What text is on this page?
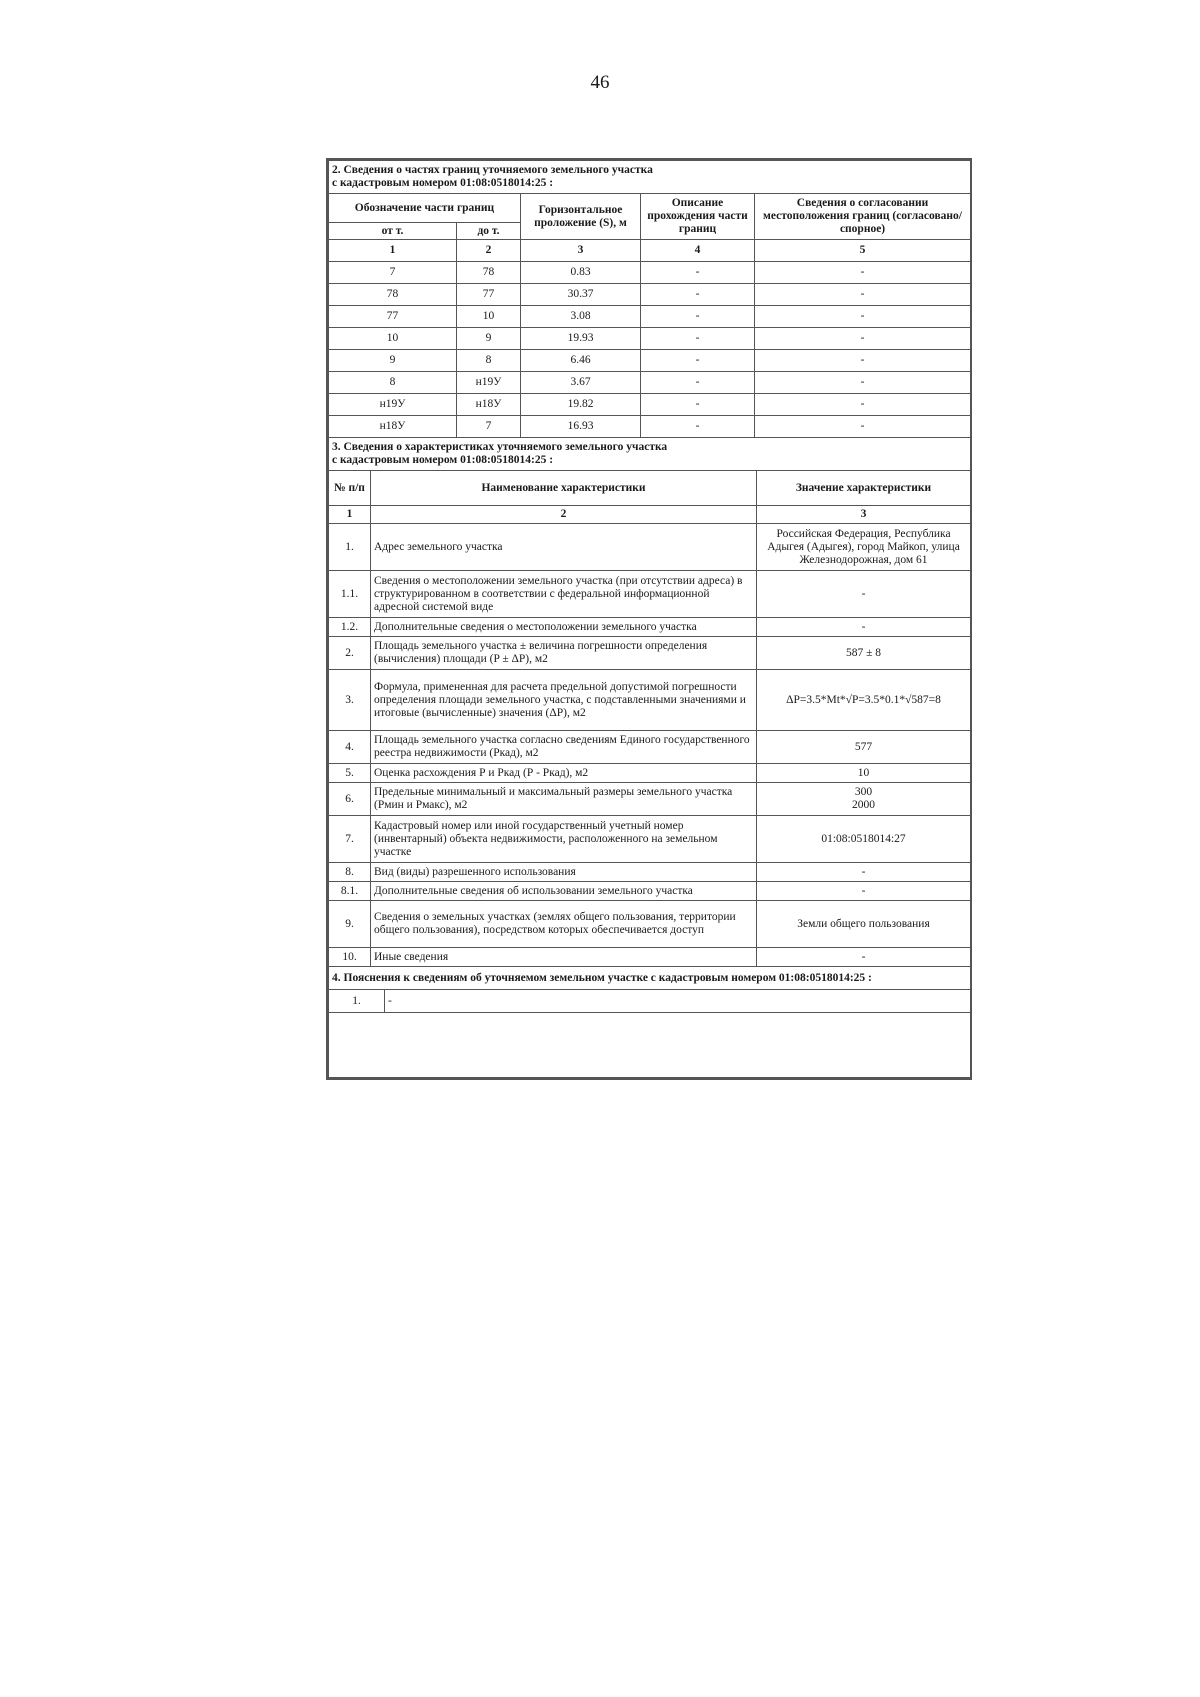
46
2. Сведения о частях границ уточняемого земельного участка
с кадастровым номером 01:08:0518014:25 :				

Обозначение части границ		Горизонтальное проложение (S), м	Описание прохождения части границ	Сведения о согласовании местоположения границ (согласовано/спорное)
от т.	до т.			
1	2	3	4	5
7	78	0.83	-	-
78	77	30.37	-	-
77	10	3.08	-	-
10	9	19.93	-	-
9	8	6.46	-	-
8	н19У	3.67	-	-
н19У	н18У	19.82	-	-
н18У	7	16.93	-	-
3. Сведения о характеристиках уточняемого земельного участка
с кадастровым номером 01:08:0518014:25 :		

№ п/п	Наименование характеристики	Значение характеристики
1	2	3
1.	Адрес земельного участка	Российская Федерация, Республика Адыгея (Адыгея), город Майкоп, улица Железнодорожная, дом 61
1.1.	Сведения о местоположении земельного участка (при отсутствии адреса) в структурированном в соответствии с федеральной информационной адресной системой виде	-
1.2.	Дополнительные сведения о местоположении земельного участка	-
2.	Площадь земельного участка ± величина погрешности определения (вычисления) площади (P ± ΔP), м2	587 ± 8
3.	Формула, примененная для расчета предельной допустимой погрешности определения площади земельного участка, с подставленными значениями и итоговые (вычисленные) значения (ΔP), м2	ΔP=3.5*Mt*√P=3.5*0.1*√587=8
4.	Площадь земельного участка согласно сведениям Единого государственного реестра недвижимости (Ркад), м2	577
5.	Оценка расхождения Р и Ркад (Р - Ркад), м2	10
6.	Предельные минимальный и максимальный размеры земельного участка (Рмин и Рмакс), м2	300
2000

7.	Кадастровый номер или иной государственный учетный номер (инвентарный) объекта недвижимости, расположенного на земельном участке	01:08:0518014:27
8.	Вид (виды) разрешенного использования	-
8.1.	Дополнительные сведения об использовании земельного участка	-
9.	Сведения о земельных участках (землях общего пользования, территории общего пользования), посредством которых обеспечивается доступ	Земли общего пользования
10.	Иные сведения	-
4. Пояснения к сведениям об уточняемом земельном участке с кадастровым номером 01:08:0518014:25 :
1.	-
